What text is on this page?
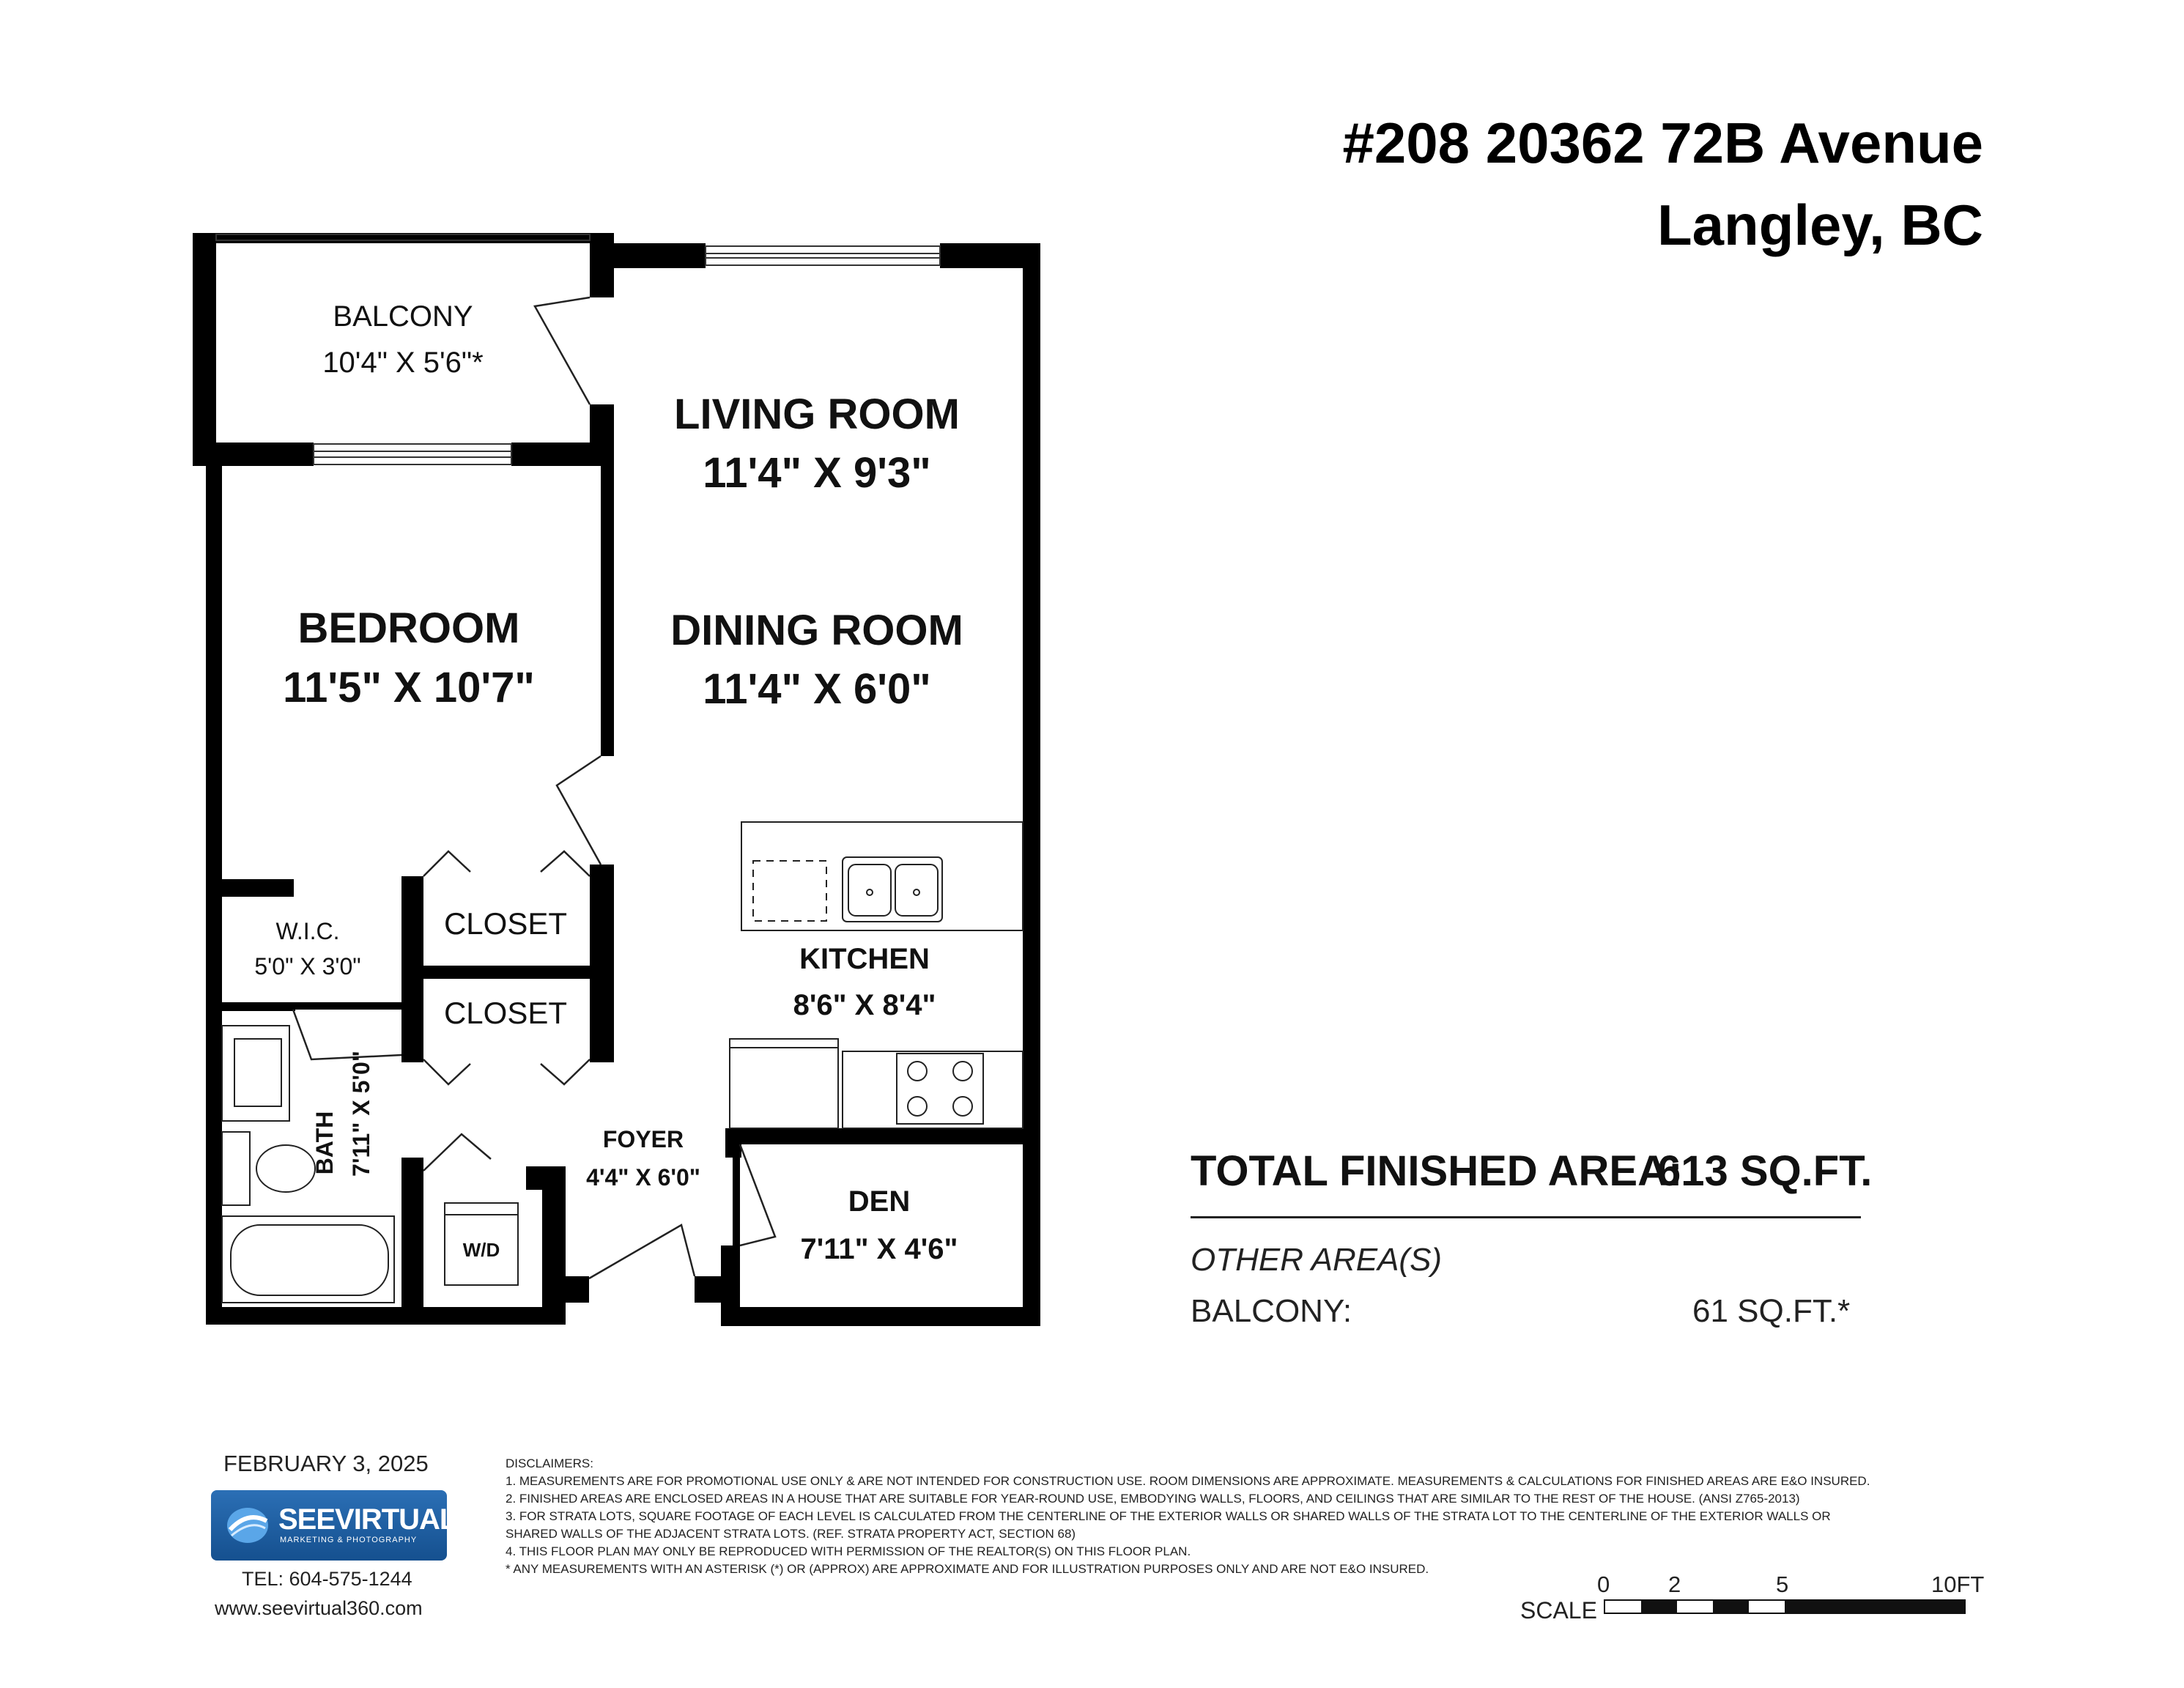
#208 20362 72B Avenue
Langley, BC
BALCONY
10'4" X 5'6"*
LIVING ROOM
11'4" X 9'3"
DINING ROOM
11'4" X 6'0"
BEDROOM
11'5" X 10'7"
W.I.C.
5'0" X 3'0"
CLOSET
CLOSET
KITCHEN
8'6" X 8'4"
FOYER
4'4" X 6'0"
DEN
7'11" X 4'6"
W/D
BATH 7'11" X 5'0"	TOTAL FINISHED AREA:
613 SQ.FT.
OTHER AREA(S)
BALCONY:	61 SQ.FT.*
FEBRUARY 3, 2025
SEEVIRTUAL
MARKETING & PHOTOGRAPHY
TEL: 604-575-1244
www.seevirtual360.com
DISCLAIMERS:
1. MEASUREMENTS ARE FOR PROMOTIONAL USE ONLY & ARE NOT INTENDED FOR CONSTRUCTION USE. ROOM DIMENSIONS ARE APPROXIMATE. MEASUREMENTS & CALCULATIONS FOR FINISHED AREAS ARE E&O INSURED.
2. FINISHED AREAS ARE ENCLOSED AREAS IN A HOUSE THAT ARE SUITABLE FOR YEAR-ROUND USE, EMBODYING WALLS, FLOORS, AND CEILINGS THAT ARE SIMILAR TO THE REST OF THE HOUSE. (ANSI Z765-2013)
3. FOR STRATA LOTS, SQUARE FOOTAGE OF EACH LEVEL IS CALCULATED FROM THE CENTERLINE OF THE EXTERIOR WALLS OR SHARED WALLS OF THE STRATA LOT TO THE CENTERLINE OF THE EXTERIOR WALLS OR
SHARED WALLS OF THE ADJACENT STRATA LOTS. (REF. STRATA PROPERTY ACT, SECTION 68)
4. THIS FLOOR PLAN MAY ONLY BE REPRODUCED WITH PERMISSION OF THE REALTOR(S) ON THIS FLOOR PLAN.
* ANY MEASUREMENTS WITH AN ASTERISK (*) OR (APPROX) ARE APPROXIMATE AND FOR ILLUSTRATION PURPOSES ONLY AND ARE NOT E&O INSURED.
SCALE
0	2	5	10FT
